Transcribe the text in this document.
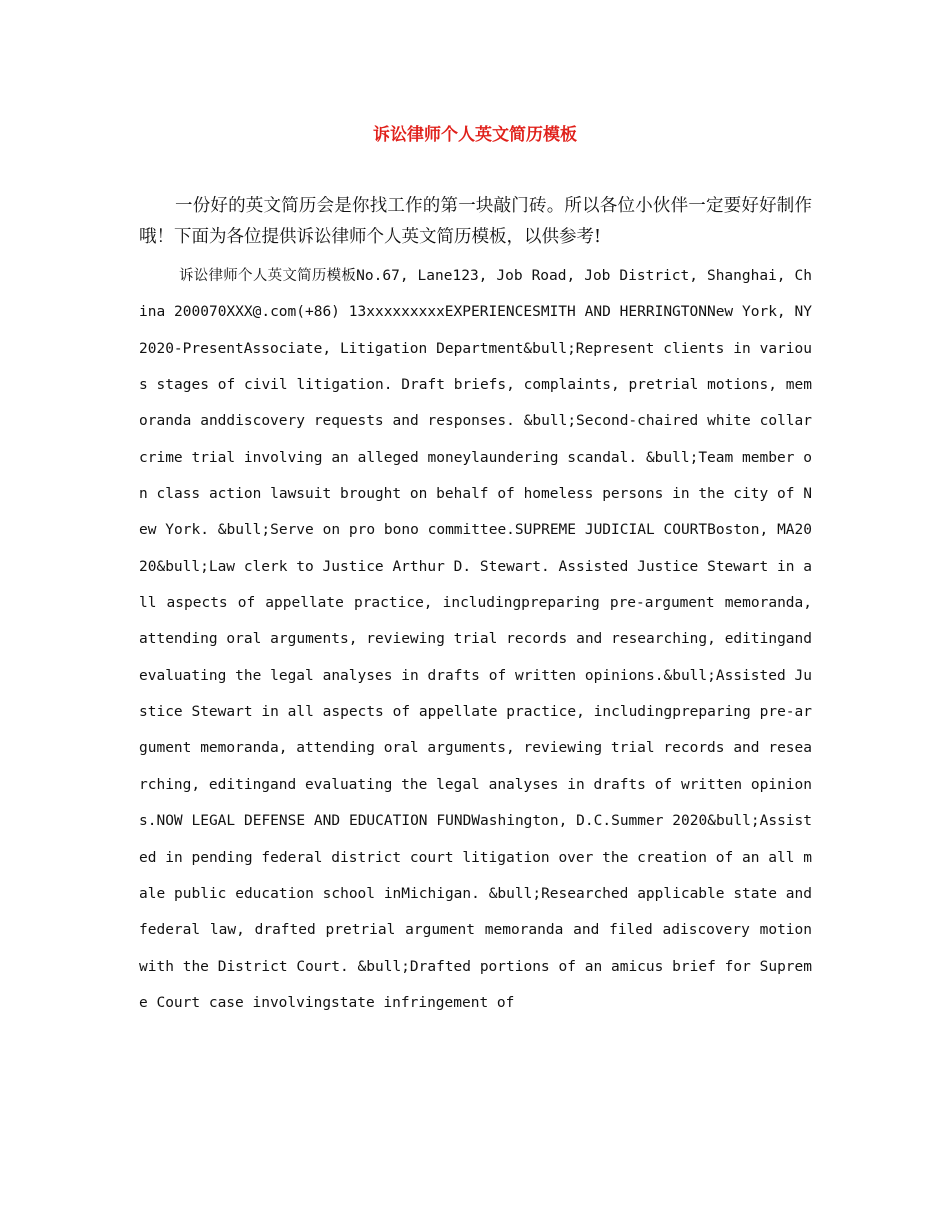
诉讼律师个人英文简历模板

一份好的英文简历会是你找工作的第一块敲门砖。所以各位小伙伴一定要好好制作哦！下面为各位提供诉讼律师个人英文简历模板，以供参考!

诉讼律师个人英文简历模板No.67, Lane123, Job Road, Job District, Shanghai, China 200070XXX@.com(+86) 13xxxxxxxxxEXPERIENCESMITH AND HERRINGTONNew York, NY2020-PresentAssociate, Litigation Department&bull;Represent clients in various stages of civil litigation. Draft briefs, complaints, pretrial motions, memoranda anddiscovery requests and responses. &bull;Second-chaired white collar crime trial involving an alleged moneylaundering scandal. &bull;Team member on class action lawsuit brought on behalf of homeless persons in the city of New York. &bull;Serve on pro bono committee.SUPREME JUDICIAL COURTBoston, MA2020&bull;Law clerk to Justice Arthur D. Stewart. Assisted Justice Stewart in all aspects of appellate practice, includingpreparing pre-argument memoranda, attending oral arguments, reviewing trial records and researching, editingand evaluating the legal analyses in drafts of written opinions.&bull;Assisted Justice Stewart in all aspects of appellate practice, includingpreparing pre-argument memoranda, attending oral arguments, reviewing trial records and researching, editingand evaluating the legal analyses in drafts of written opinions.NOW LEGAL DEFENSE AND EDUCATION FUNDWashington, D.C.Summer 2020&bull;Assisted in pending federal district court litigation over the creation of an all male public education school inMichigan. &bull;Researched applicable state and federal law, drafted pretrial argument memoranda and filed adiscovery motion with the District Court. &bull;Drafted portions of an amicus brief for Supreme Court case involvingstate infringement of
